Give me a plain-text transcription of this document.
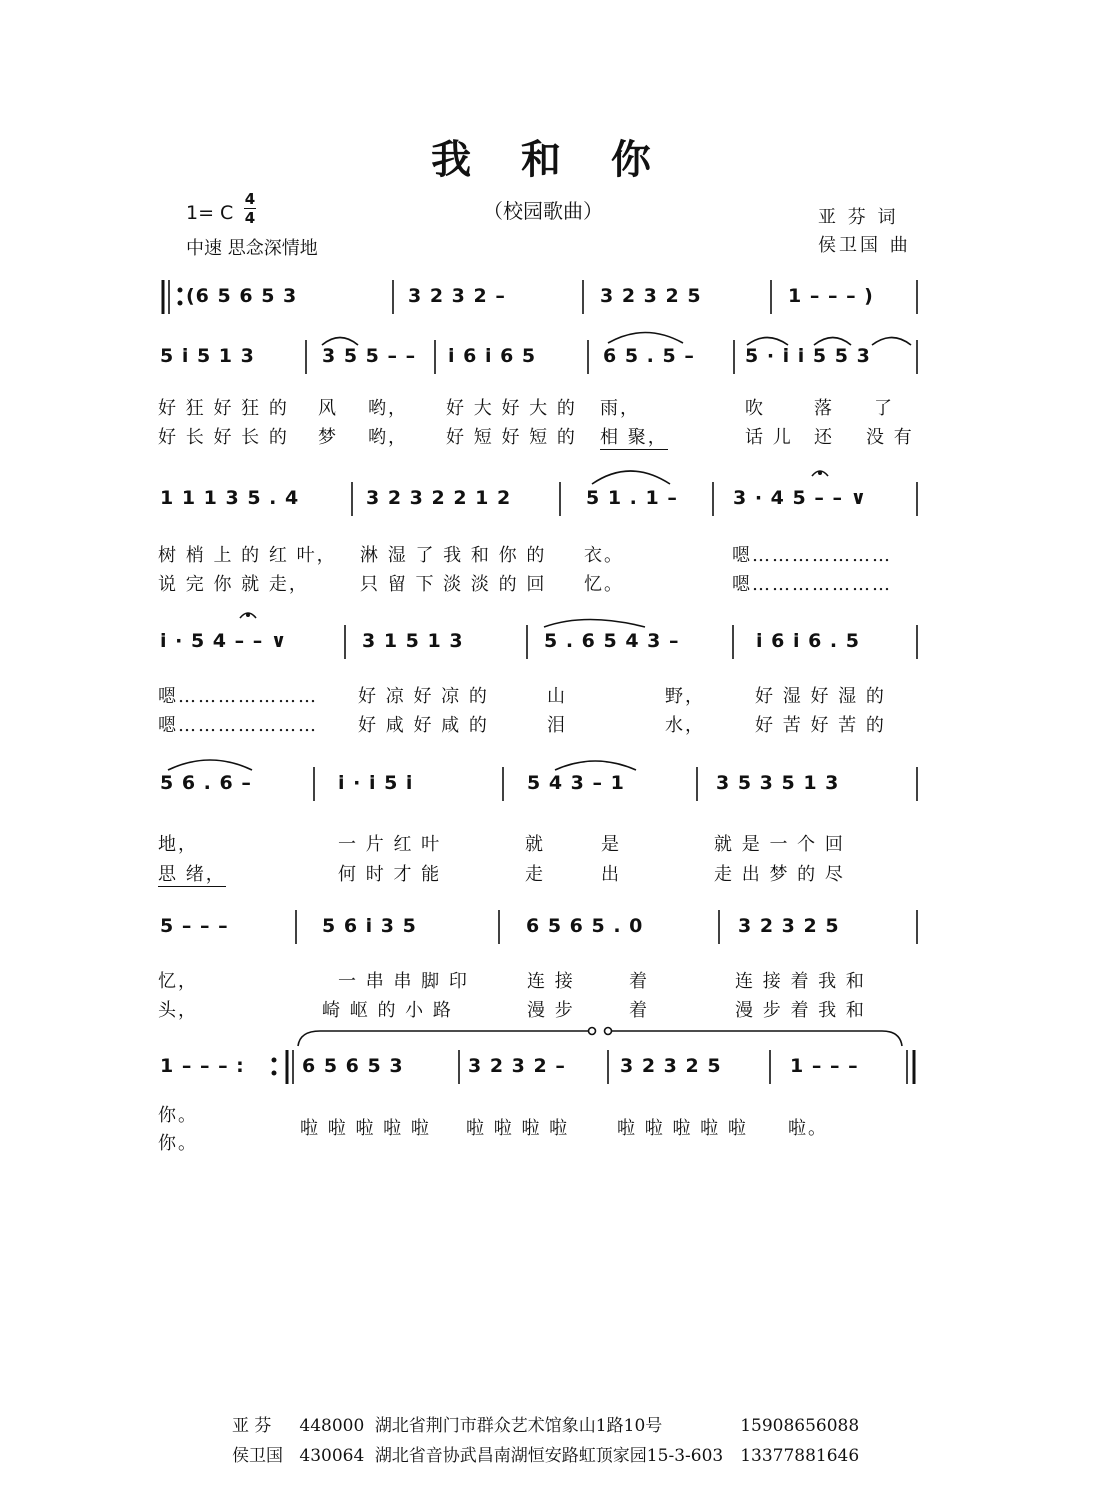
我 和 你
（校园歌曲）
1= C
4
4
中速 思念深情地
亚 芬 词
侯卫国 曲
(6 5 6 5 3	3 2 3 2 –	3 2 3 2 5	1 – – – )
5 i 5 1 3	3 5 5 – – i 6 i 6 5	6 5 . 5 –	5 · i i 5 5 3
好 狂 好 狂 的 风 哟， 好 大 好 大 的 雨，	吹	落 了
好 长 好 长 的 梦 哟， 好 短 好 短 的 相 聚，	话 儿 还 没 有
1 1 1 3 5 . 4	3 2 3 2 2 1 2	5 1 . 1 –	3 · 4 5 – – ∨
树 梢 上 的 红 叶， 淋 湿 了 我 和 你 的 衣。	嗯…………………
说 完 你 就 走，	只 留 下 淡 淡 的 回 忆。	嗯…………………
i · 5 4 – – ∨	3 1 5 1 3	5 . 6 5 4 3 –	i 6 i 6 . 5
嗯………………… 好 凉 好 凉 的	山	野，	好 湿 好 湿 的
嗯………………… 好 咸 好 咸 的	泪	水，	好 苦 好 苦 的
5 6 . 6 –	i · i 5 i	5 4 3 – 1	3 5 3 5 1 3
地，	一 片 红 叶	就	是	就 是 一 个 回
思 绪，	何 时 才 能	走	出	走 出 梦 的 尽
5 – – –	5 6 i 3 5	6 5 6 5 . 0	3 2 3 2 5
忆，	一 串 串 脚 印	连 接	着	连 接 着 我 和
头，	崎 岖 的 小 路	漫 步	着	漫 步 着 我 和
1 – – – :	6 5 6 5 3	3 2 3 2 –	3 2 3 2 5	1 – – –
你。
啦 啦 啦 啦 啦 啦 啦 啦 啦	啦 啦 啦 啦 啦 啦。
你。
亚 芬 448000 湖北省荆门市群众艺术馆象山1路10号	15908656088
侯卫国 430064 湖北省音协武昌南湖恒安路虹顶家园15-3-603 13377881646
